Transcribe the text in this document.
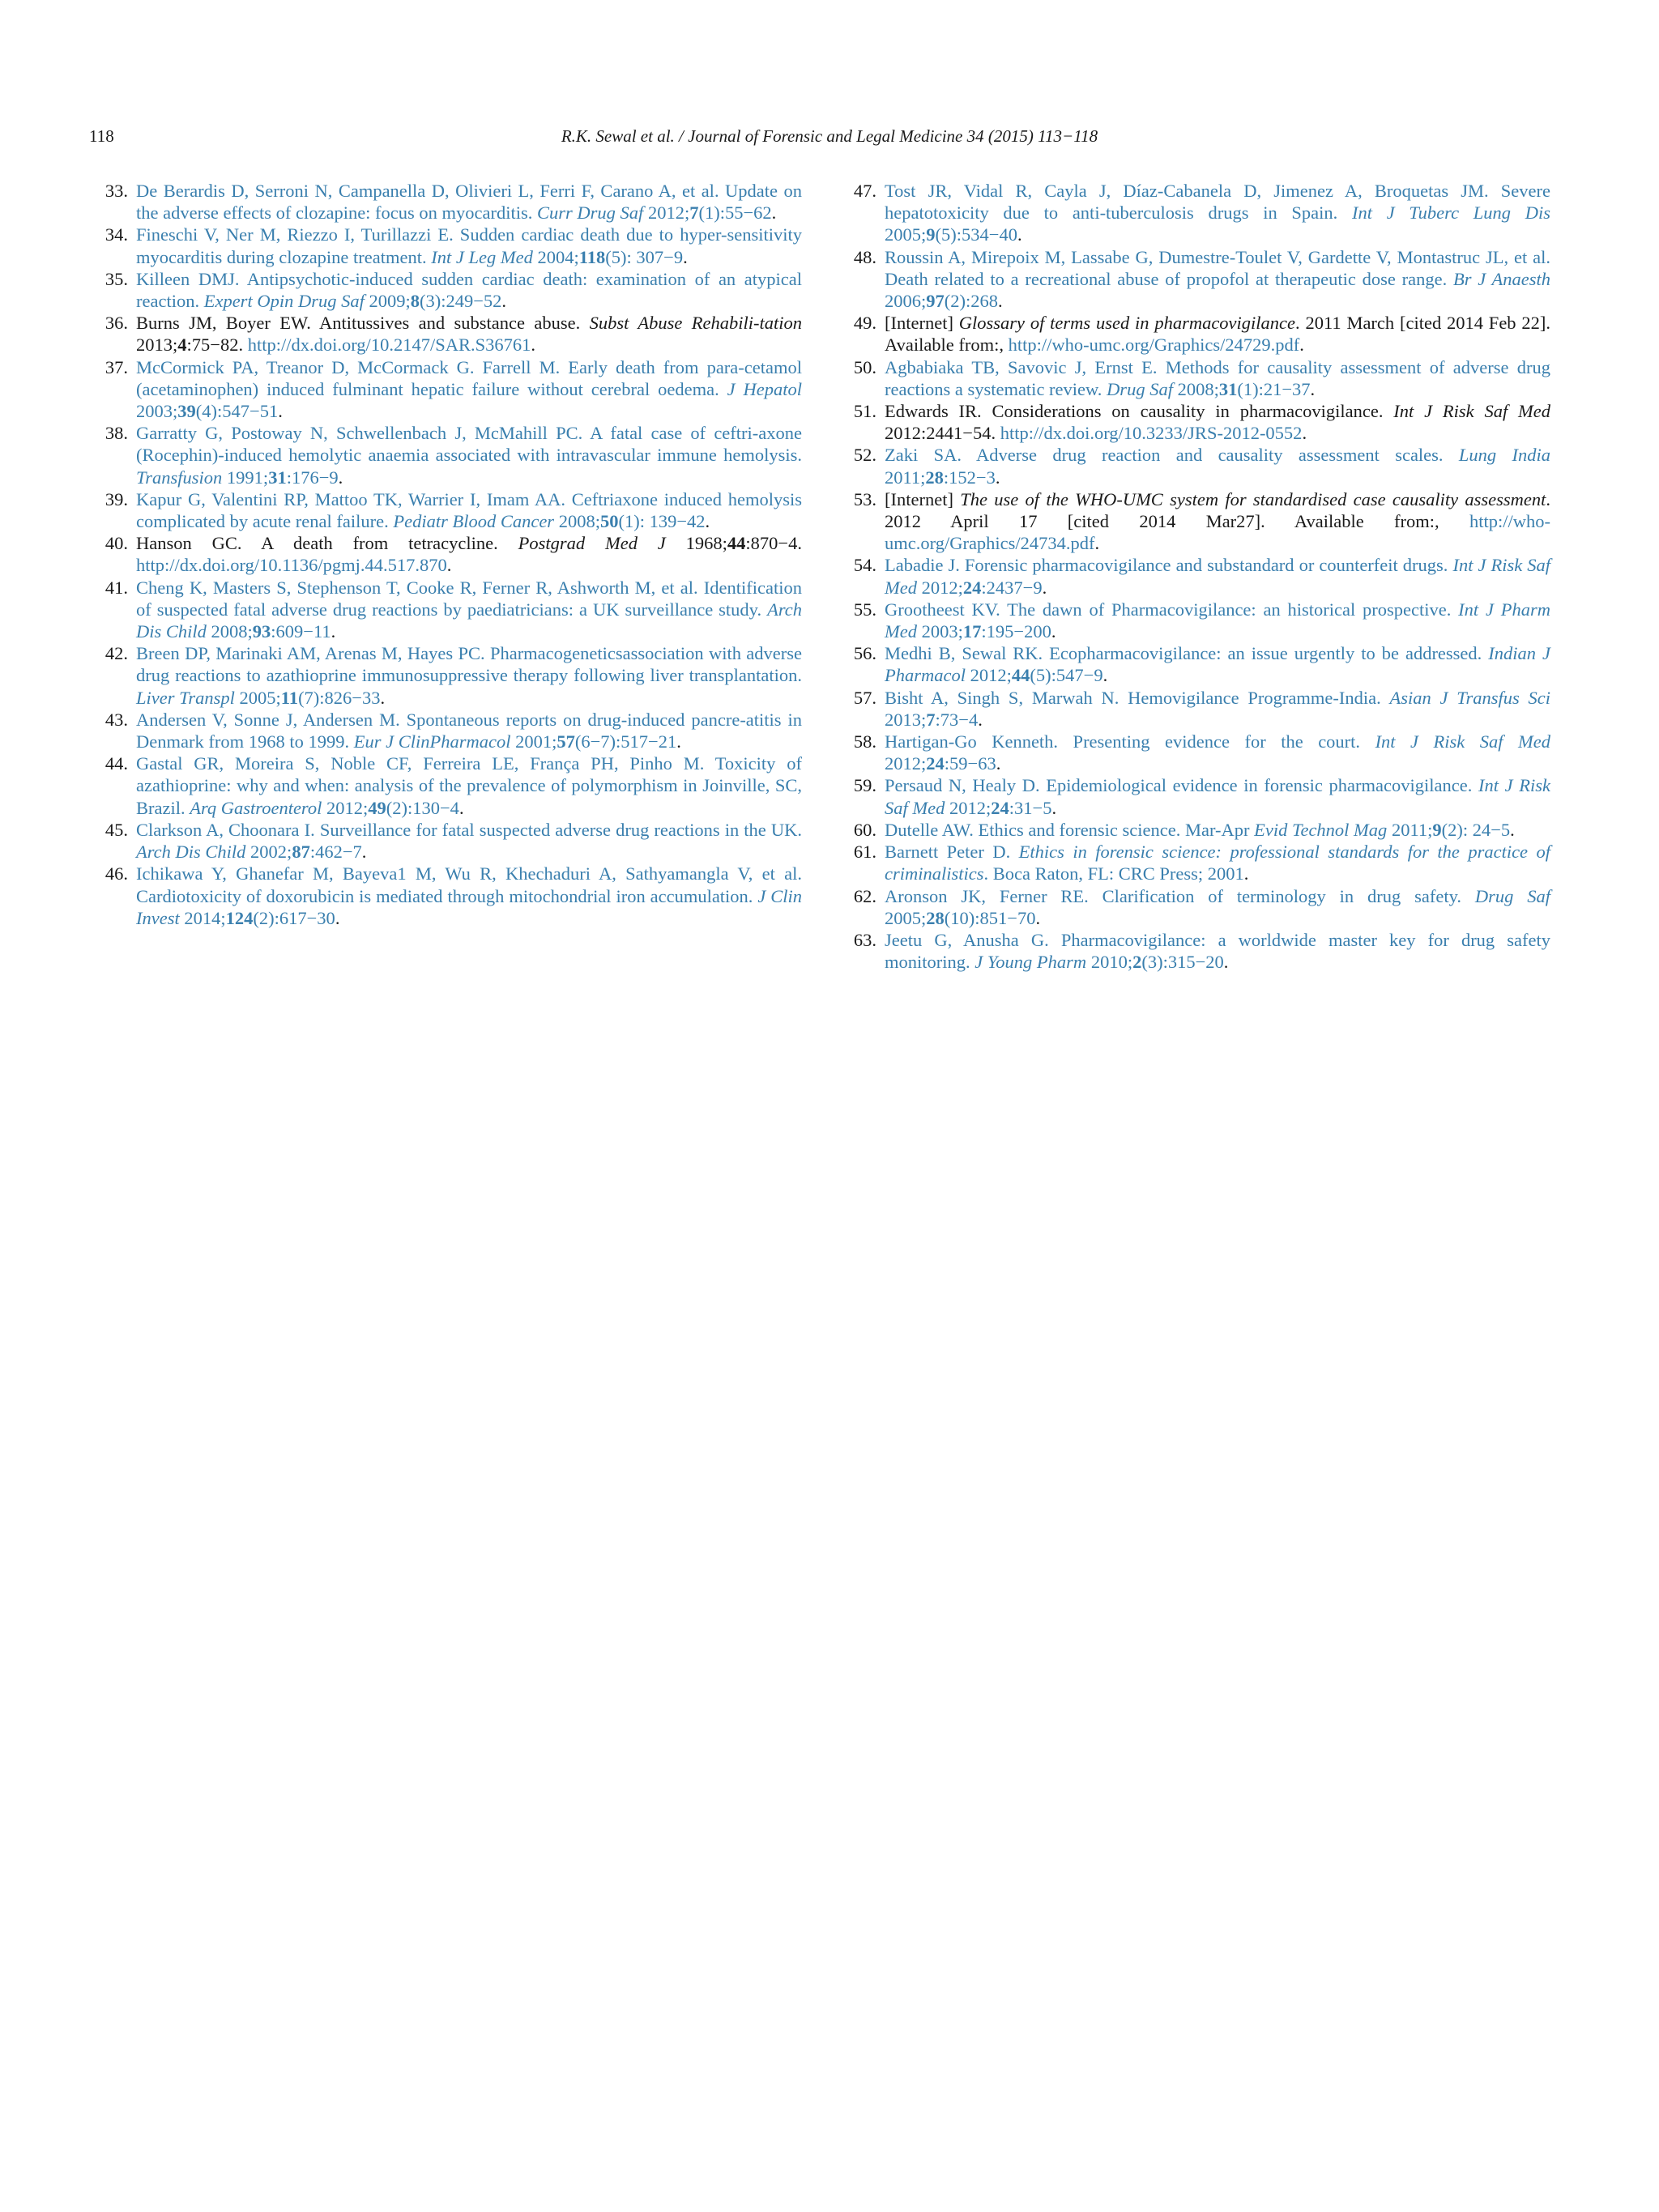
118	R.K. Sewal et al. / Journal of Forensic and Legal Medicine 34 (2015) 113−118
33. De Berardis D, Serroni N, Campanella D, Olivieri L, Ferri F, Carano A, et al. Update on the adverse effects of clozapine: focus on myocarditis. Curr Drug Saf 2012;7(1):55−62.
34. Fineschi V, Ner M, Riezzo I, Turillazzi E. Sudden cardiac death due to hyper-sensitivity myocarditis during clozapine treatment. Int J Leg Med 2004;118(5): 307−9.
35. Killeen DMJ. Antipsychotic-induced sudden cardiac death: examination of an atypical reaction. Expert Opin Drug Saf 2009;8(3):249−52.
36. Burns JM, Boyer EW. Antitussives and substance abuse. Subst Abuse Rehabili-tation 2013;4:75−82. http://dx.doi.org/10.2147/SAR.S36761.
37. McCormick PA, Treanor D, McCormack G. Farrell M. Early death from para-cetamol (acetaminophen) induced fulminant hepatic failure without cerebral oedema. J Hepatol 2003;39(4):547−51.
38. Garratty G, Postoway N, Schwellenbach J, McMahill PC. A fatal case of ceftri-axone (Rocephin)-induced hemolytic anaemia associated with intravascular immune hemolysis. Transfusion 1991;31:176−9.
39. Kapur G, Valentini RP, Mattoo TK, Warrier I, Imam AA. Ceftriaxone induced hemolysis complicated by acute renal failure. Pediatr Blood Cancer 2008;50(1): 139−42.
40. Hanson GC. A death from tetracycline. Postgrad Med J 1968;44:870−4. http://dx.doi.org/10.1136/pgmj.44.517.870.
41. Cheng K, Masters S, Stephenson T, Cooke R, Ferner R, Ashworth M, et al. Identification of suspected fatal adverse drug reactions by paediatricians: a UK surveillance study. Arch Dis Child 2008;93:609−11.
42. Breen DP, Marinaki AM, Arenas M, Hayes PC. Pharmacogeneticsassociation with adverse drug reactions to azathioprine immunosuppressive therapy following liver transplantation. Liver Transpl 2005;11(7):826−33.
43. Andersen V, Sonne J, Andersen M. Spontaneous reports on drug-induced pancre-atitis in Denmark from 1968 to 1999. Eur J ClinPharmacol 2001;57(6−7):517−21.
44. Gastal GR, Moreira S, Noble CF, Ferreira LE, França PH, Pinho M. Toxicity of azathioprine: why and when: analysis of the prevalence of polymorphism in Joinville, SC, Brazil. Arq Gastroenterol 2012;49(2):130−4.
45. Clarkson A, Choonara I. Surveillance for fatal suspected adverse drug reactions in the UK. Arch Dis Child 2002;87:462−7.
46. Ichikawa Y, Ghanefar M, Bayeva1 M, Wu R, Khechaduri A, Sathyamangla V, et al. Cardiotoxicity of doxorubicin is mediated through mitochondrial iron accumulation. J Clin Invest 2014;124(2):617−30.
47. Tost JR, Vidal R, Cayla J, Díaz-Cabanela D, Jimenez A, Broquetas JM. Severe hepatotoxicity due to anti-tuberculosis drugs in Spain. Int J Tuberc Lung Dis 2005;9(5):534−40.
48. Roussin A, Mirepoix M, Lassabe G, Dumestre-Toulet V, Gardette V, Montastruc JL, et al. Death related to a recreational abuse of propofol at therapeutic dose range. Br J Anaesth 2006;97(2):268.
49. [Internet] Glossary of terms used in pharmacovigilance. 2011 March [cited 2014 Feb 22]. Available from:, http://who-umc.org/Graphics/24729.pdf.
50. Agbabiaka TB, Savovic J, Ernst E. Methods for causality assessment of adverse drug reactions a systematic review. Drug Saf 2008;31(1):21−37.
51. Edwards IR. Considerations on causality in pharmacovigilance. Int J Risk Saf Med 2012:2441−54. http://dx.doi.org/10.3233/JRS-2012-0552.
52. Zaki SA. Adverse drug reaction and causality assessment scales. Lung India 2011;28:152−3.
53. [Internet] The use of the WHO-UMC system for standardised case causality assessment. 2012 April 17 [cited 2014 Mar27]. Available from:, http://who-umc.org/Graphics/24734.pdf.
54. Labadie J. Forensic pharmacovigilance and substandard or counterfeit drugs. Int J Risk Saf Med 2012;24:2437−9.
55. Grootheest KV. The dawn of Pharmacovigilance: an historical prospective. Int J Pharm Med 2003;17:195−200.
56. Medhi B, Sewal RK. Ecopharmacovigilance: an issue urgently to be addressed. Indian J Pharmacol 2012;44(5):547−9.
57. Bisht A, Singh S, Marwah N. Hemovigilance Programme-India. Asian J Transfus Sci 2013;7:73−4.
58. Hartigan-Go Kenneth. Presenting evidence for the court. Int J Risk Saf Med 2012;24:59−63.
59. Persaud N, Healy D. Epidemiological evidence in forensic pharmacovigilance. Int J Risk Saf Med 2012;24:31−5.
60. Dutelle AW. Ethics and forensic science. Mar-Apr Evid Technol Mag 2011;9(2): 24−5.
61. Barnett Peter D. Ethics in forensic science: professional standards for the practice of criminalistics. Boca Raton, FL: CRC Press; 2001.
62. Aronson JK, Ferner RE. Clarification of terminology in drug safety. Drug Saf 2005;28(10):851−70.
63. Jeetu G, Anusha G. Pharmacovigilance: a worldwide master key for drug safety monitoring. J Young Pharm 2010;2(3):315−20.
